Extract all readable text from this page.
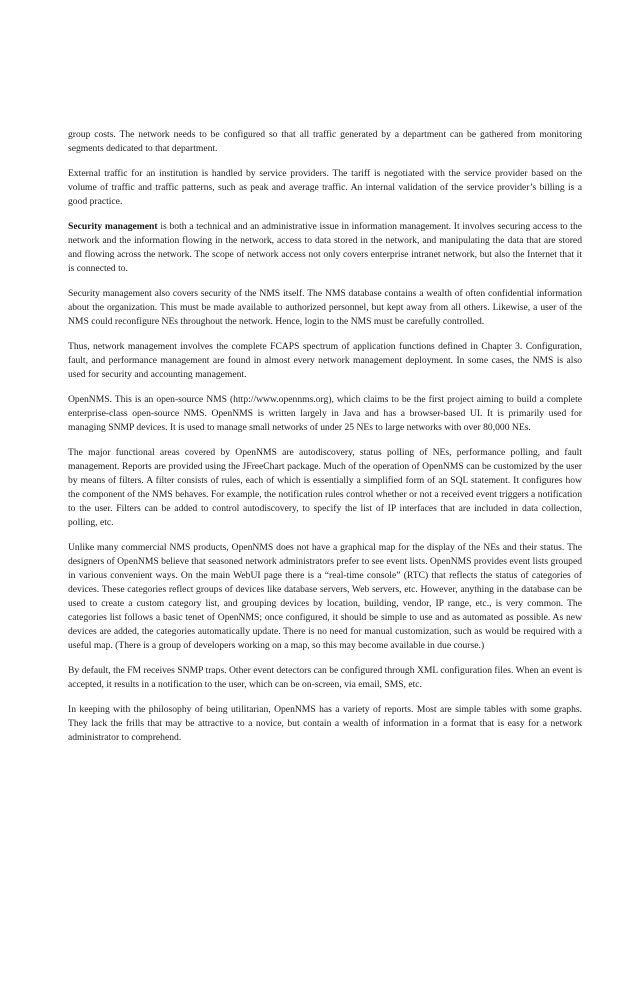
group costs. The network needs to be configured so that all traffic generated by a department can be gathered from monitoring segments dedicated to that department.

External traffic for an institution is handled by service providers. The tariff is negotiated with the service provider based on the volume of traffic and traffic patterns, such as peak and average traffic. An internal validation of the service provider’s billing is a good practice.

Security management is both a technical and an administrative issue in information management. It involves securing access to the network and the information flowing in the network, access to data stored in the network, and manipulating the data that are stored and flowing across the network. The scope of network access not only covers enterprise intranet network, but also the Internet that it is connected to.

Security management also covers security of the NMS itself. The NMS database contains a wealth of often confidential information about the organization. This must be made available to authorized personnel, but kept away from all others. Likewise, a user of the NMS could reconfigure NEs throughout the network. Hence, login to the NMS must be carefully controlled.

Thus, network management involves the complete FCAPS spectrum of application functions defined in Chapter 3. Configuration, fault, and performance management are found in almost every network management deployment. In some cases, the NMS is also used for security and accounting management.

OpenNMS. This is an open-source NMS (http://www.opennms.org), which claims to be the first project aiming to build a complete enterprise-class open-source NMS. OpenNMS is written largely in Java and has a browser-based UI. It is primarily used for managing SNMP devices. It is used to manage small networks of under 25 NEs to large networks with over 80,000 NEs.

The major functional areas covered by OpenNMS are autodiscovery, status polling of NEs, performance polling, and fault management. Reports are provided using the JFreeChart package. Much of the operation of OpenNMS can be customized by the user by means of filters. A filter consists of rules, each of which is essentially a simplified form of an SQL statement. It configures how the component of the NMS behaves. For example, the notification rules control whether or not a received event triggers a notification to the user. Filters can be added to control autodiscovery, to specify the list of IP interfaces that are included in data collection, polling, etc.

Unlike many commercial NMS products, OpenNMS does not have a graphical map for the display of the NEs and their status. The designers of OpenNMS believe that seasoned network administrators prefer to see event lists. OpenNMS provides event lists grouped in various convenient ways. On the main WebUI page there is a “real-time console” (RTC) that reflects the status of categories of devices. These categories reflect groups of devices like database servers, Web servers, etc. However, anything in the database can be used to create a custom category list, and grouping devices by location, building, vendor, IP range, etc., is very common. The categories list follows a basic tenet of OpenNMS; once configured, it should be simple to use and as automated as possible. As new devices are added, the categories automatically update. There is no need for manual customization, such as would be required with a useful map. (There is a group of developers working on a map, so this may become available in due course.)

By default, the FM receives SNMP traps. Other event detectors can be configured through XML configuration files. When an event is accepted, it results in a notification to the user, which can be on-screen, via email, SMS, etc.

In keeping with the philosophy of being utilitarian, OpenNMS has a variety of reports. Most are simple tables with some graphs. They lack the frills that may be attractive to a novice, but contain a wealth of information in a format that is easy for a network administrator to comprehend.
